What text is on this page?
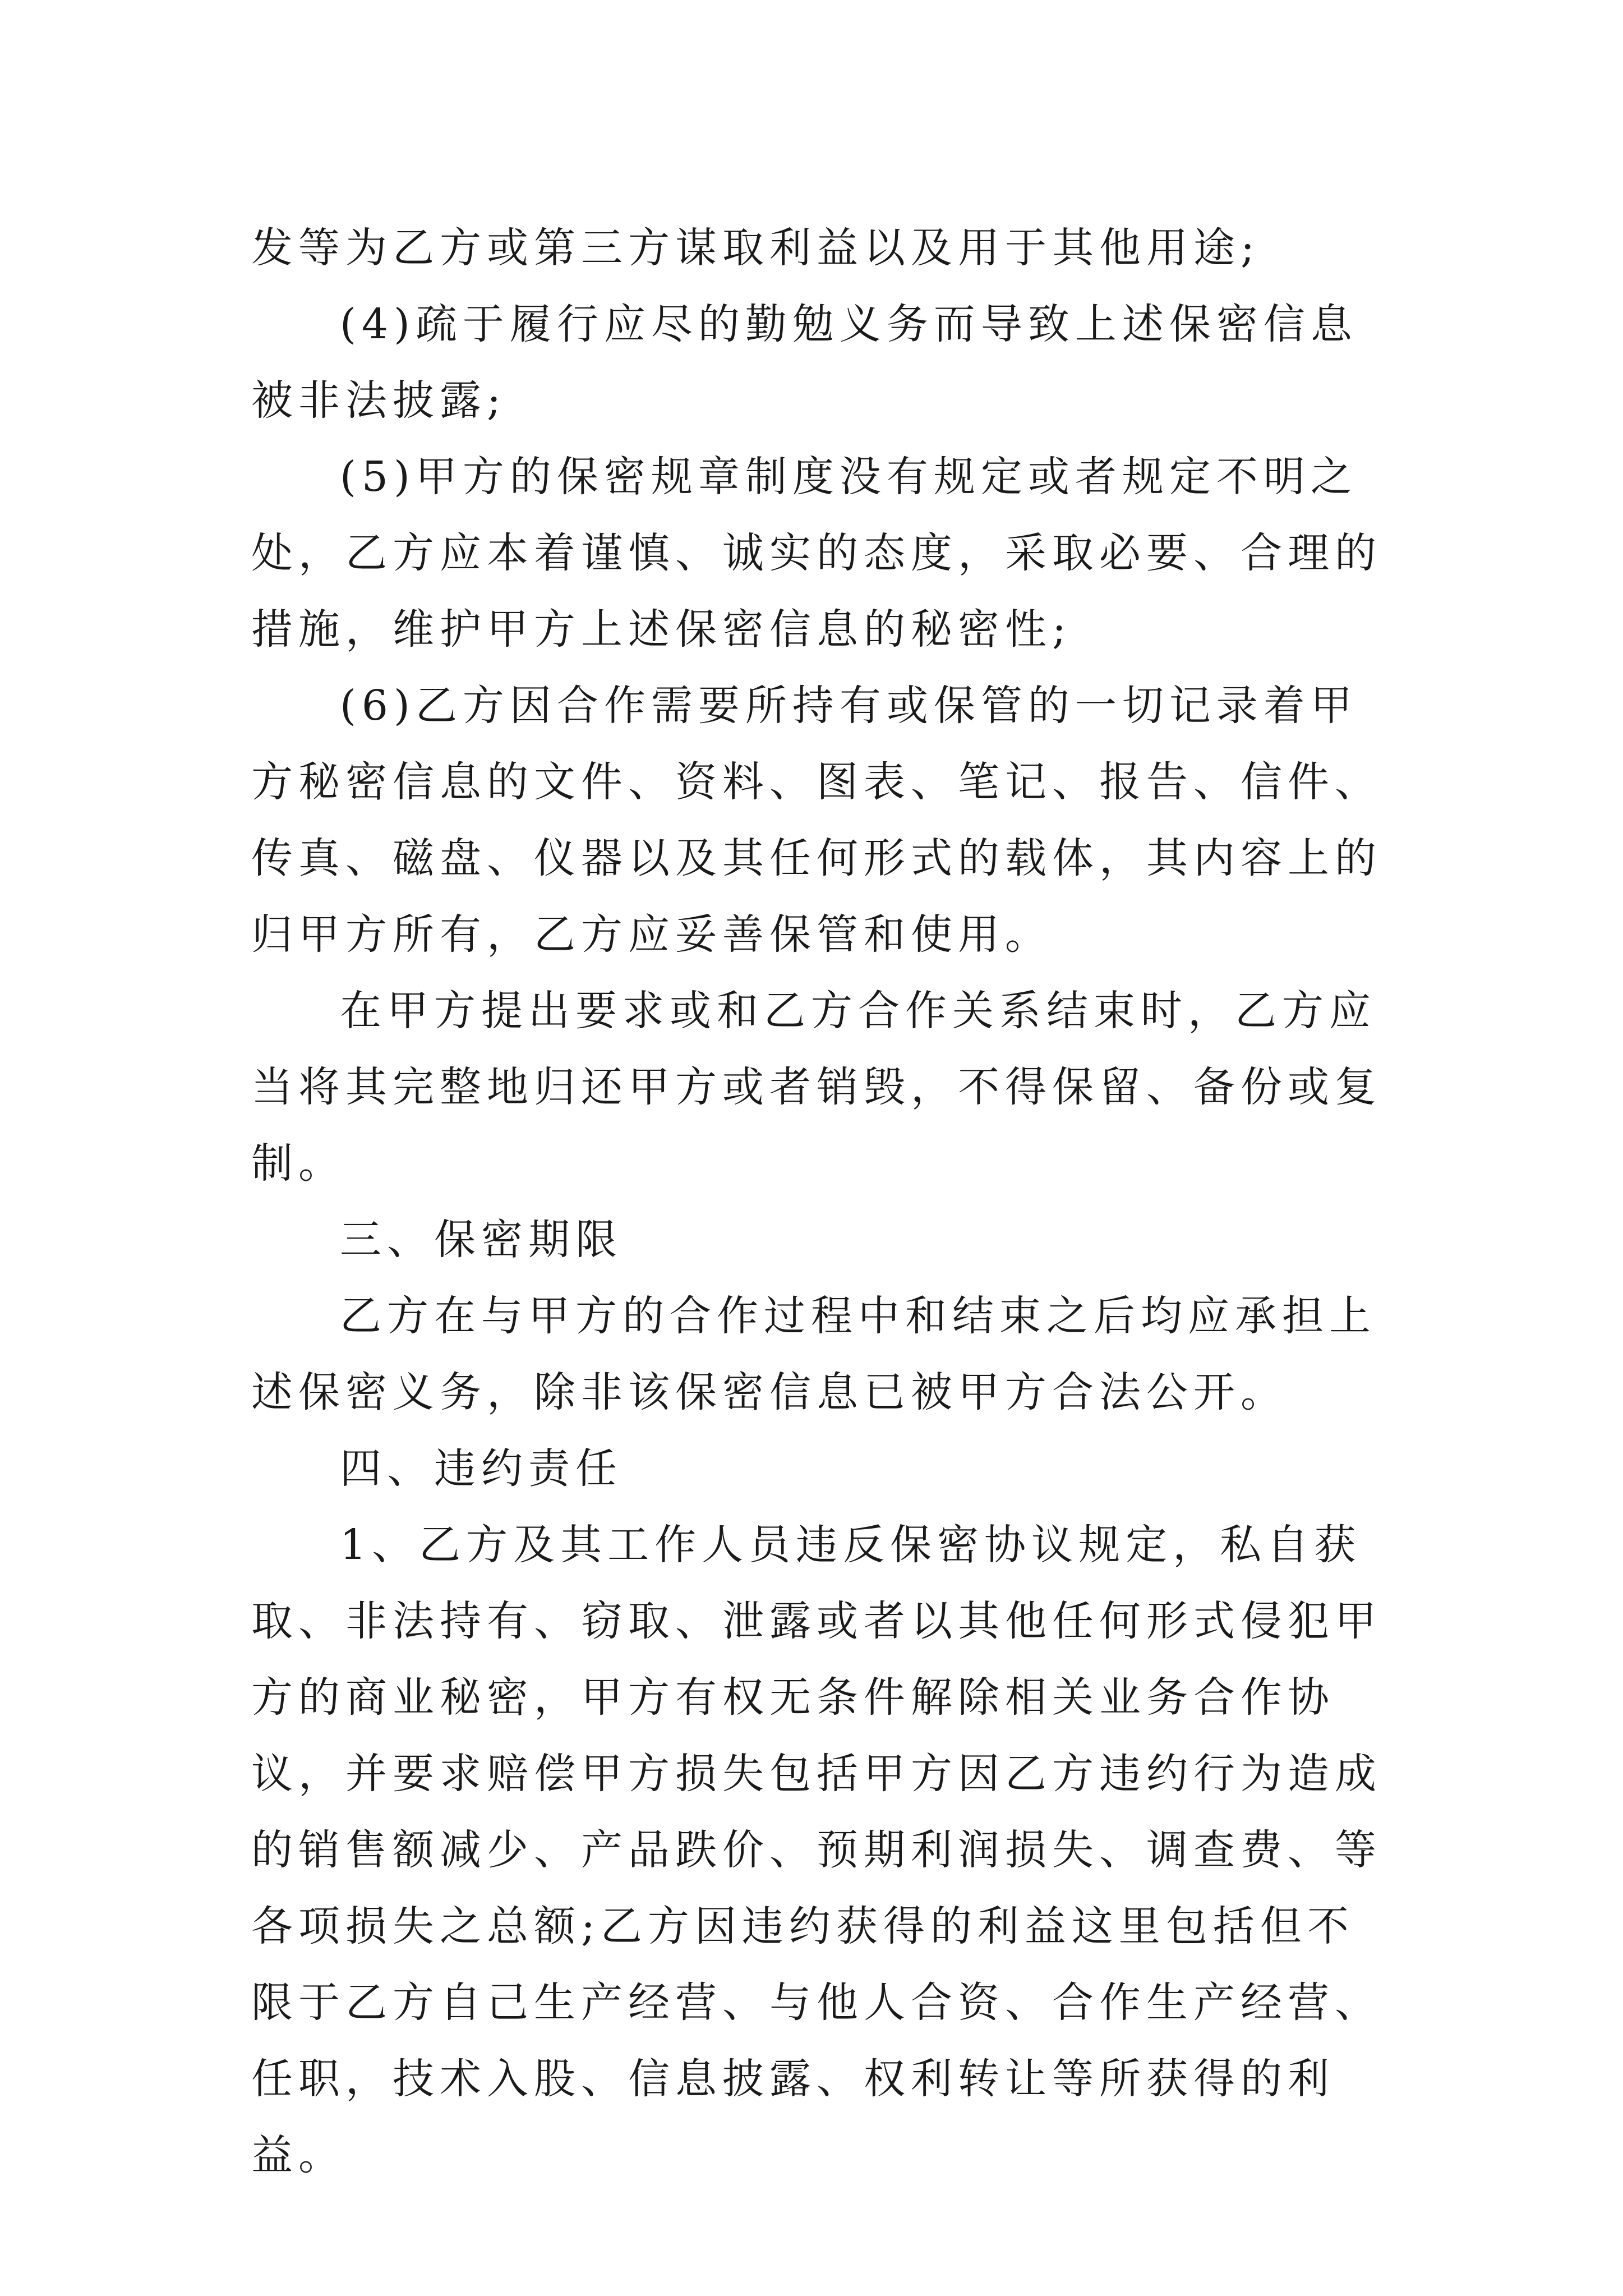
发等为乙方或第三方谋取利益以及用于其他用途;

(4)疏于履行应尽的勤勉义务而导致上述保密信息被非法披露;

(5)甲方的保密规章制度没有规定或者规定不明之处，乙方应本着谨慎、诚实的态度，采取必要、合理的措施，维护甲方上述保密信息的秘密性;

(6)乙方因合作需要所持有或保管的一切记录着甲方秘密信息的文件、资料、图表、笔记、报告、信件、传真、磁盘、仪器以及其任何形式的载体，其内容上的归甲方所有，乙方应妥善保管和使用。

在甲方提出要求或和乙方合作关系结束时，乙方应当将其完整地归还甲方或者销毁，不得保留、备份或复制。

三、保密期限

乙方在与甲方的合作过程中和结束之后均应承担上述保密义务，除非该保密信息已被甲方合法公开。

四、违约责任

1、乙方及其工作人员违反保密协议规定，私自获取、非法持有、窃取、泄露或者以其他任何形式侵犯甲方的商业秘密，甲方有权无条件解除相关业务合作协议，并要求赔偿甲方损失包括甲方因乙方违约行为造成的销售额减少、产品跌价、预期利润损失、调查费、等各项损失之总额;乙方因违约获得的利益这里包括但不限于乙方自己生产经营、与他人合资、合作生产经营、任职，技术入股、信息披露、权利转让等所获得的利益。
